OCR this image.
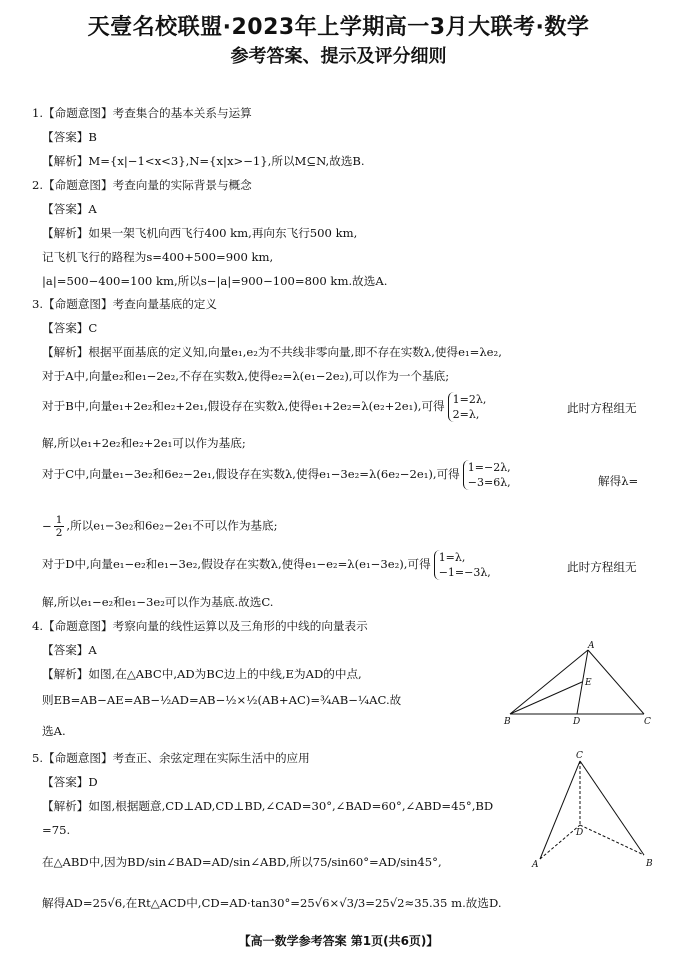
天壹名校联盟·2023年上学期高一3月大联考·数学
参考答案、提示及评分细则
1.【命题意图】考查集合的基本关系与运算
【答案】B
【解析】M={x|−1<x<3},N={x|x>−1},所以M⊆N,故选B.
2.【命题意图】考查向量的实际背景与概念
【答案】A
【解析】如果一架飞机向西飞行400 km,再向东飞行500 km,
记飞机飞行的路程为s=400+500=900 km,
|a|=500−400=100 km,所以s−|a|=900−100=800 km.故选A.
3.【命题意图】考查向量基底的定义
【答案】C
【解析】根据平面基底的定义知,向量e₁,e₂为不共线非零向量,即不存在实数λ,使得e₁=λe₂,
对于A中,向量e₂和e₁−2e₂,不存在实数λ,使得e₂=λ(e₁−2e₂),可以作为一个基底;
对于B中,向量e₁+2e₂和e₂+2e₁,假设存在实数λ,使得e₁+2e₂=λ(e₂+2e₁),可得 1=2λ,
2=λ,	此时方程组无
解,所以e₁+2e₂和e₂+2e₁可以作为基底;
对于C中,向量e₁−3e₂和6e₂−2e₁,假设存在实数λ,使得e₁−3e₂=λ(6e₂−2e₁),可得 1=−2λ,
−3=6λ,	解得λ=
− $\frac{1}{2}$ ,所以e₁−3e₂和6e₂−2e₁不可以作为基底;
对于D中,向量e₁−e₂和e₁−3e₂,假设存在实数λ,使得e₁−e₂=λ(e₁−3e₂),可得 1=λ,
−1=−3λ,	此时方程组无
解,所以e₁−e₂和e₁−3e₂可以作为基底.故选C.
4.【命题意图】考察向量的线性运算以及三角形的中线的向量表示
【答案】A
【解析】如图,在△ABC中,AD为BC边上的中线,E为AD的中点,
则EB=AB−AE=AB−½AD=AB−½×½(AB+AC)=¾AB−¼AC.故
选A.
A
E
B	D	C
5.【命题意图】考查正、余弦定理在实际生活中的应用
【答案】D
【解析】如图,根据题意,CD⊥AD,CD⊥BD,∠CAD=30°,∠BAD=60°,∠ABD=45°,BD
=75.
在△ABD中,因为BD/sin∠BAD=AD/sin∠ABD,所以75/sin60°=AD/sin45°,
解得AD=25√6,在Rt△ACD中,CD=AD·tan30°=25√6×√3/3=25√2≈35.35 m.故选D.
C
D
A	B
【高一数学参考答案 第1页(共6页)】
